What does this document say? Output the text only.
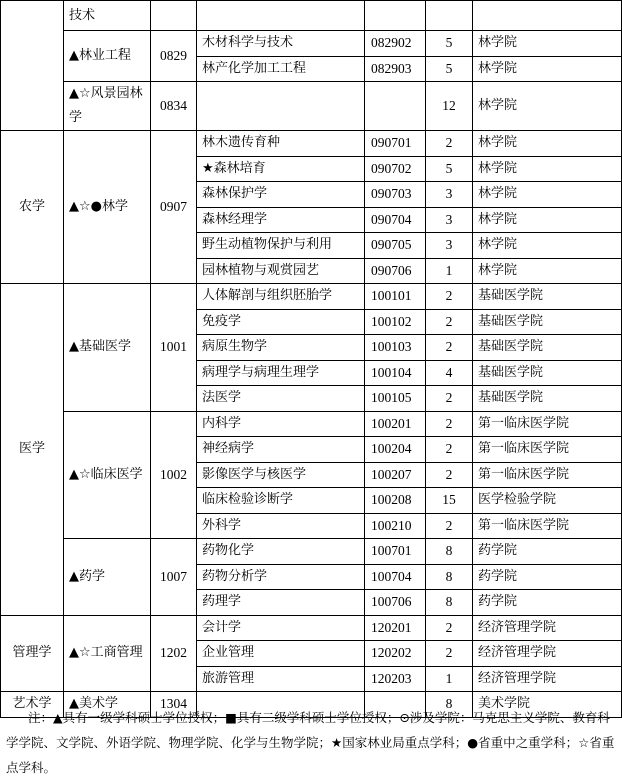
	技术					
	▲林业工程	0829	木材科学与技术	082902	5	林学院
			林产化学加工工程	082903	5	林学院
	▲☆风景园林学	0834			12	林学院
农学	▲☆●林学	0907	林木遗传育种	090701	2	林学院
			★森林培育	090702	5	林学院
			森林保护学	090703	3	林学院
			森林经理学	090704	3	林学院
			野生动植物保护与利用	090705	3	林学院
			园林植物与观赏园艺	090706	1	林学院
医学	▲基础医学	1001	人体解剖与组织胚胎学	100101	2	基础医学院
			免疫学	100102	2	基础医学院
			病原生物学	100103	2	基础医学院
			病理学与病理生理学	100104	4	基础医学院
			法医学	100105	2	基础医学院
	▲☆临床医学	1002	内科学	100201	2	第一临床医学院
			神经病学	100204	2	第一临床医学院
			影像医学与核医学	100207	2	第一临床医学院
			临床检验诊断学	100208	15	医学检验学院
			外科学	100210	2	第一临床医学院
	▲药学	1007	药物化学	100701	8	药学院
			药物分析学	100704	8	药学院
			药理学	100706	8	药学院
管理学	▲☆工商管理	1202	会计学	120201	2	经济管理学院
			企业管理	120202	2	经济管理学院
			旅游管理	120203	1	经济管理学院
艺术学	▲美术学	1304			8	美术学院

注：▲具有一级学科硕士学位授权；■具有二级学科硕士学位授权；⊙涉及学院：马克思主义学院、教育科学学院、文学院、外语学院、物理学院、化学与生物学院；★国家林业局重点学科；●省重中之重学科；☆省重点学科。
